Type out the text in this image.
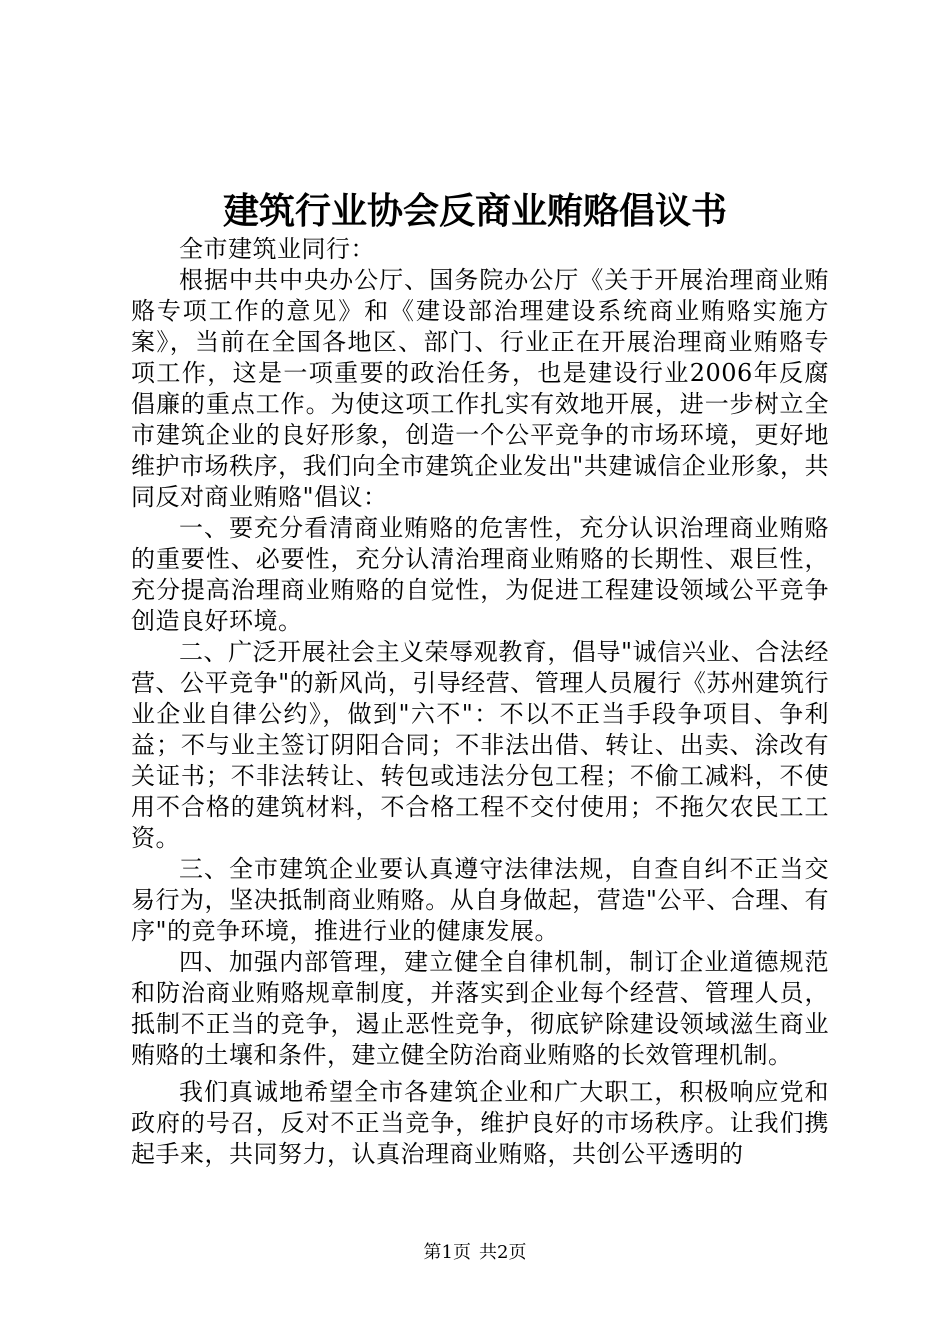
建筑行业协会反商业贿赂倡议书

全市建筑业同行：

根据中共中央办公厅、国务院办公厅《关于开展治理商业贿赂专项工作的意见》和《建设部治理建设系统商业贿赂实施方案》，当前在全国各地区、部门、行业正在开展治理商业贿赂专项工作，这是一项重要的政治任务，也是建设行业2006年反腐倡廉的重点工作。为使这项工作扎实有效地开展，进一步树立全市建筑企业的良好形象，创造一个公平竞争的市场环境，更好地维护市场秩序，我们向全市建筑企业发出"共建诚信企业形象，共同反对商业贿赂"倡议：

一、要充分看清商业贿赂的危害性，充分认识治理商业贿赂的重要性、必要性，充分认清治理商业贿赂的长期性、艰巨性，充分提高治理商业贿赂的自觉性，为促进工程建设领域公平竞争创造良好环境。

二、广泛开展社会主义荣辱观教育，倡导"诚信兴业、合法经营、公平竞争"的新风尚，引导经营、管理人员履行《苏州建筑行业企业自律公约》，做到"六不"：不以不正当手段争项目、争利益；不与业主签订阴阳合同；不非法出借、转让、出卖、涂改有关证书；不非法转让、转包或违法分包工程；不偷工减料，不使用不合格的建筑材料，不合格工程不交付使用；不拖欠农民工工资。

三、全市建筑企业要认真遵守法律法规，自查自纠不正当交易行为，坚决抵制商业贿赂。从自身做起，营造"公平、合理、有序"的竞争环境，推进行业的健康发展。

四、加强内部管理，建立健全自律机制，制订企业道德规范和防治商业贿赂规章制度，并落实到企业每个经营、管理人员，抵制不正当的竞争，遏止恶性竞争，彻底铲除建设领域滋生商业贿赂的土壤和条件，建立健全防治商业贿赂的长效管理机制。

我们真诚地希望全市各建筑企业和广大职工，积极响应党和政府的号召，反对不正当竞争，维护良好的市场秩序。让我们携起手来，共同努力，认真治理商业贿赂，共创公平透明的

第1页 共2页
